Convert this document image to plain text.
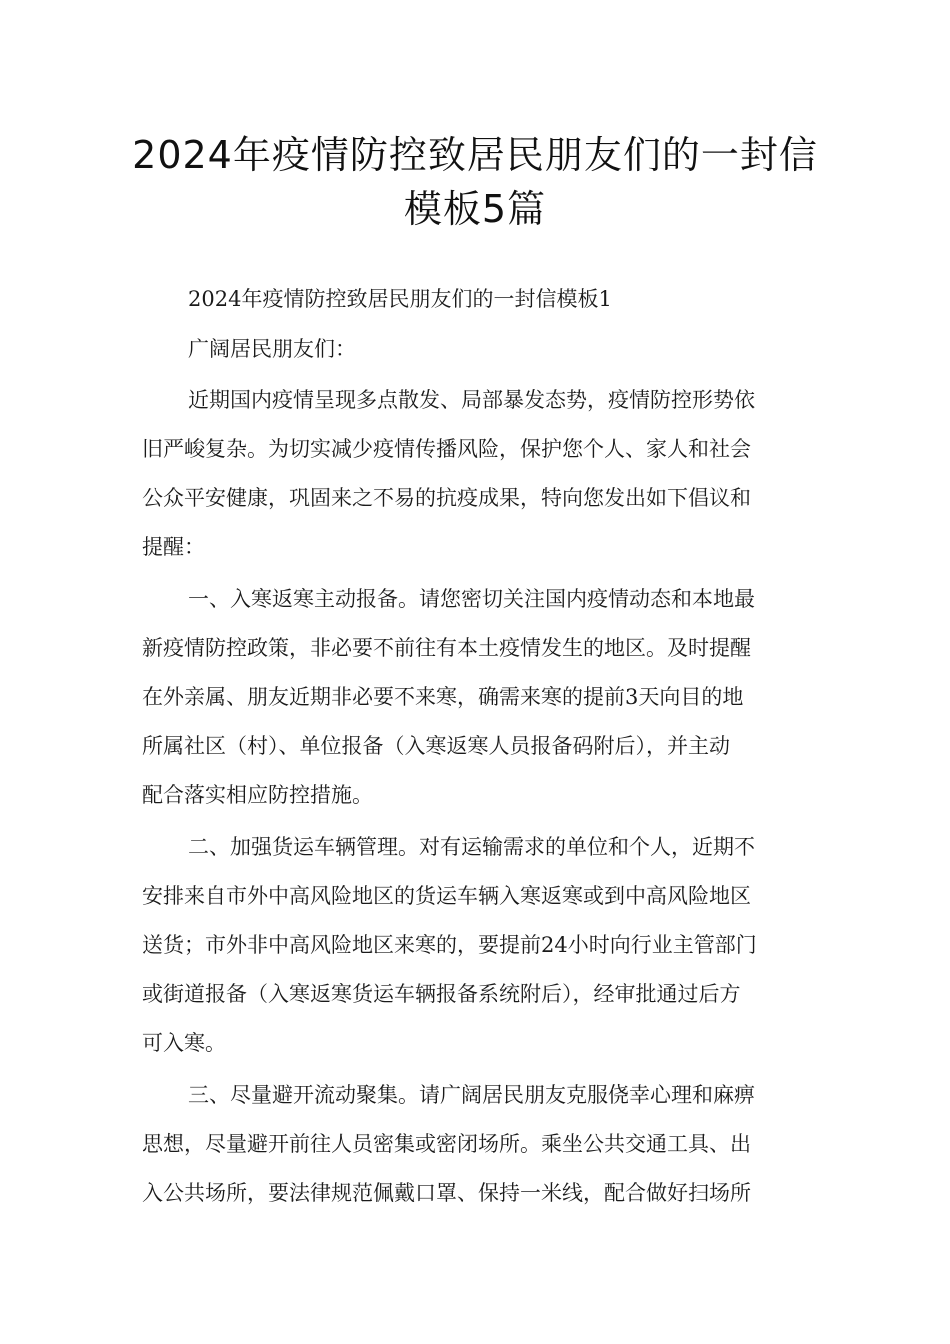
2024年疫情防控致居民朋友们的一封信
模板5篇
2024年疫情防控致居民朋友们的一封信模板1
广阔居民朋友们：
近期国内疫情呈现多点散发、局部暴发态势，疫情防控形势依
旧严峻复杂。为切实减少疫情传播风险，保护您个人、家人和社会
公众平安健康，巩固来之不易的抗疫成果，特向您发出如下倡议和
提醒：
一、入寒返寒主动报备。请您密切关注国内疫情动态和本地最
新疫情防控政策，非必要不前往有本土疫情发生的地区。及时提醒
在外亲属、朋友近期非必要不来寒，确需来寒的提前3天向目的地
所属社区（村）、单位报备（入寒返寒人员报备码附后），并主动
配合落实相应防控措施。
二、加强货运车辆管理。对有运输需求的单位和个人，近期不
安排来自市外中高风险地区的货运车辆入寒返寒或到中高风险地区
送货；市外非中高风险地区来寒的，要提前24小时向行业主管部门
或街道报备（入寒返寒货运车辆报备系统附后），经审批通过后方
可入寒。
三、尽量避开流动聚集。请广阔居民朋友克服侥幸心理和麻痹
思想，尽量避开前往人员密集或密闭场所。乘坐公共交通工具、出
入公共场所，要法律规范佩戴口罩、保持一米线，配合做好扫场所
